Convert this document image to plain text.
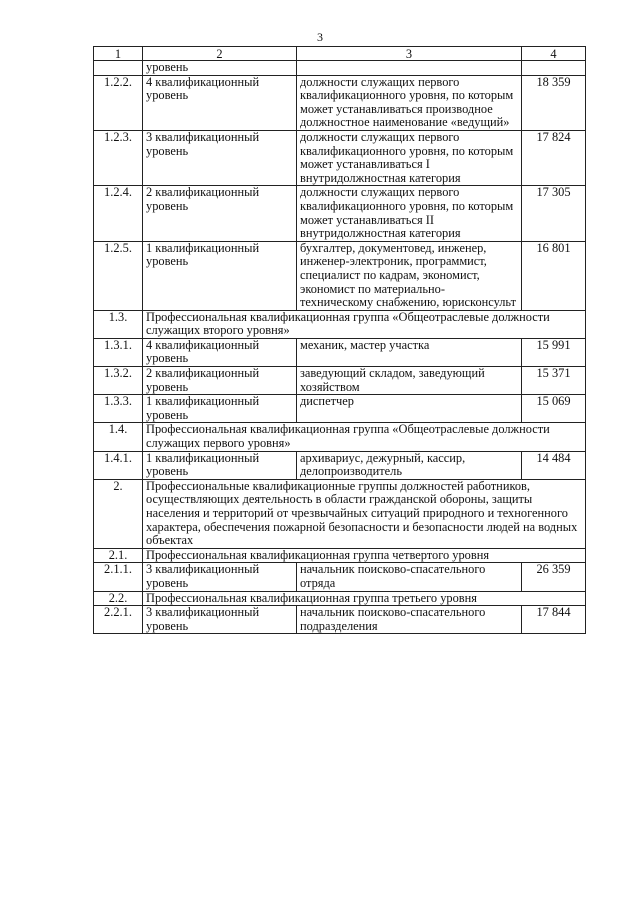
3
1	2	3	4
	уровень		
1.2.2.	4 квалификационный уровень	должности служащих первого квалификационного уровня, по которым может устанавливаться производное должностное наименование «ведущий»	18 359
1.2.3.	3 квалификационный уровень	должности служащих первого квалификационного уровня, по которым может устанавливаться I внутридолжностная категория	17 824
1.2.4.	2 квалификационный уровень	должности служащих первого квалификационного уровня, по которым может устанавливаться II внутридолжностная категория	17 305
1.2.5.	1 квалификационный уровень	бухгалтер, документовед, инженер, инженер-электроник, программист, специалист по кадрам, экономист, экономист по материально-техническому снабжению, юрисконсульт	16 801
1.3.	Профессиональная квалификационная группа «Общеотраслевые должности служащих второго уровня»		
1.3.1.	4 квалификационный уровень	механик, мастер участка	15 991
1.3.2.	2 квалификационный уровень	заведующий складом, заведующий хозяйством	15 371
1.3.3.	1 квалификационный уровень	диспетчер	15 069
1.4.	Профессиональная квалификационная группа «Общеотраслевые должности служащих первого уровня»		
1.4.1.	1 квалификационный уровень	архивариус, дежурный, кассир, делопроизводитель	14 484
2.	Профессиональные квалификационные группы должностей работников, осуществляющих деятельность в области гражданской обороны, защиты населения и территорий от чрезвычайных ситуаций природного и техногенного характера, обеспечения пожарной безопасности и безопасности людей на водных объектах		
2.1.	Профессиональная квалификационная группа четвертого уровня		
2.1.1.	3 квалификационный уровень	начальник поисково-спасательного отряда	26 359
2.2.	Профессиональная квалификационная группа третьего уровня		
2.2.1.	3 квалификационный уровень	начальник поисково-спасательного подразделения	17 844
